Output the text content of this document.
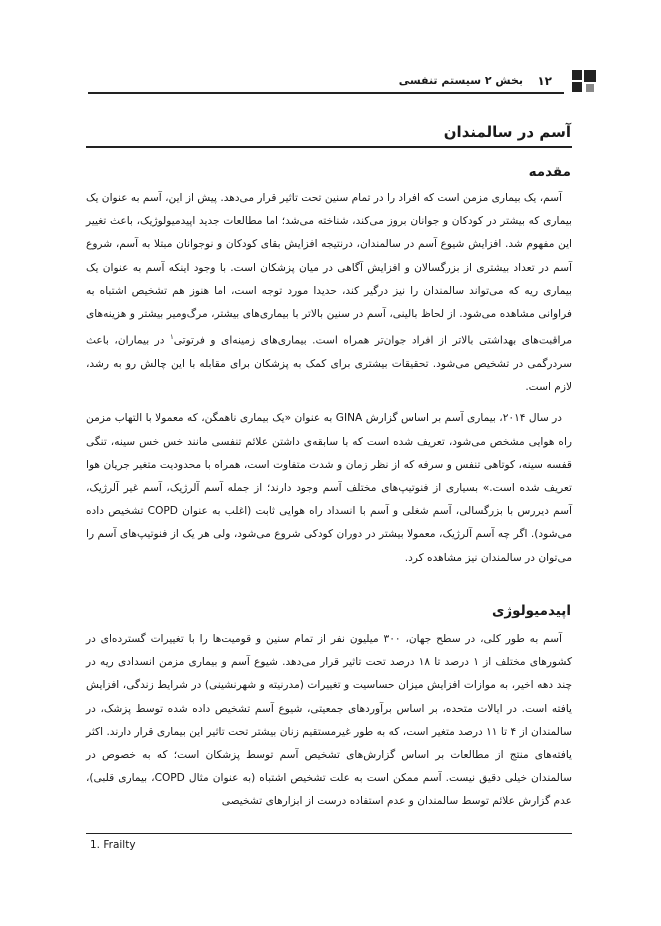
بخش ۲ سیستم تنفسی ۱۲
آسم در سالمندان
مقدمه

آسم، یک بیماری مزمن است که افراد را در تمام سنین تحت تاثیر قرار می‌دهد. پیش از این، آسم به عنوان یک بیماری که بیشتر در کودکان و جوانان بروز می‌کند، شناخته می‌شد؛ اما مطالعات جدید اپیدمیولوژیک، باعث تغییر این مفهوم شد. افزایش شیوع آسم در سالمندان، درنتیجه افزایش بقای کودکان و نوجوانان مبتلا به آسم، شروع آسم در تعداد بیشتری از بزرگسالان و افزایش آگاهی در میان پزشکان است. با وجود اینکه آسم به عنوان یک بیماری ریه که می‌تواند سالمندان را نیز درگیر کند، حدیدا مورد توجه است، اما هنوز هم تشخیص اشتباه به فراوانی مشاهده می‌شود. از لحاظ بالینی، آسم در سنین بالاتر با بیماری‌های بیشتر، مرگ‌ومیر بیشتر و هزینه‌های مراقبت‌های بهداشتی بالاتر از افراد جوان‌تر همراه است. بیماری‌های زمینه‌ای و فرتوتی$^۱$ در بیماران، باعث سردرگمی در تشخیص می‌شود. تحقیقات بیشتری برای کمک به پزشکان برای مقابله با این چالش رو به رشد، لازم است.

در سال ۲۰۱۴، بیماری آسم بر اساس گزارش GINA به عنوان «یک بیماری ناهمگن، که معمولا با التهاب مزمن راه هوایی مشخص می‌شود، تعریف شده است که با سابقه‌ی داشتن علائم تنفسی مانند خس خس سینه، تنگی قفسه سینه، کوتاهی تنفس و سرفه که از نظر زمان و شدت متفاوت است، همراه با محدودیت متغیر جریان هوا تعریف شده است.» بسیاری از فنوتیپ‌های مختلف آسم وجود دارند؛ از جمله آسم آلرژیک، آسم غیر آلرژیک، آسم دیررس با بزرگسالی، آسم شغلی و آسم با انسداد راه هوایی ثابت (اغلب به عنوان COPD تشخیص داده می‌شود). اگر چه آسم آلرژیک، معمولا بیشتر در دوران کودکی شروع می‌شود، ولی هر یک از فنوتیپ‌های آسم را می‌توان در سالمندان نیز مشاهده کرد.

اپیدمیولوژی

آسم به طور کلی، در سطح جهان، ۳۰۰ میلیون نفر از تمام سنین و قومیت‌ها را با تغییرات گسترده‌ای در کشورهای مختلف از ۱ درصد تا ۱۸ درصد تحت تاثیر قرار می‌دهد. شیوع آسم و بیماری مزمن انسدادی ریه در چند دهه اخیر، به موازات افزایش میزان حساسیت و تغییرات (مدرنیته و شهرنشینی) در شرایط زندگی، افزایش یافته است. در ایالات متحده، بر اساس برآوردهای جمعیتی، شیوع آسم تشخیص داده شده توسط پزشک، در سالمندان از ۴ تا ۱۱ درصد متغیر است، که به طور غیرمستقیم زنان بیشتر تحت تاثیر این بیماری قرار دارند. اکثر یافته‌های منتج از مطالعات بر اساس گزارش‌های تشخیص آسم توسط پزشکان است؛ که به خصوص در سالمندان خیلی دقیق نیست. آسم ممکن است به علت تشخیص اشتباه (به عنوان مثال COPD، بیماری قلبی)، عدم گزارش علائم توسط سالمندان و عدم استفاده درست از ابزارهای تشخیصی

1. Frailty
